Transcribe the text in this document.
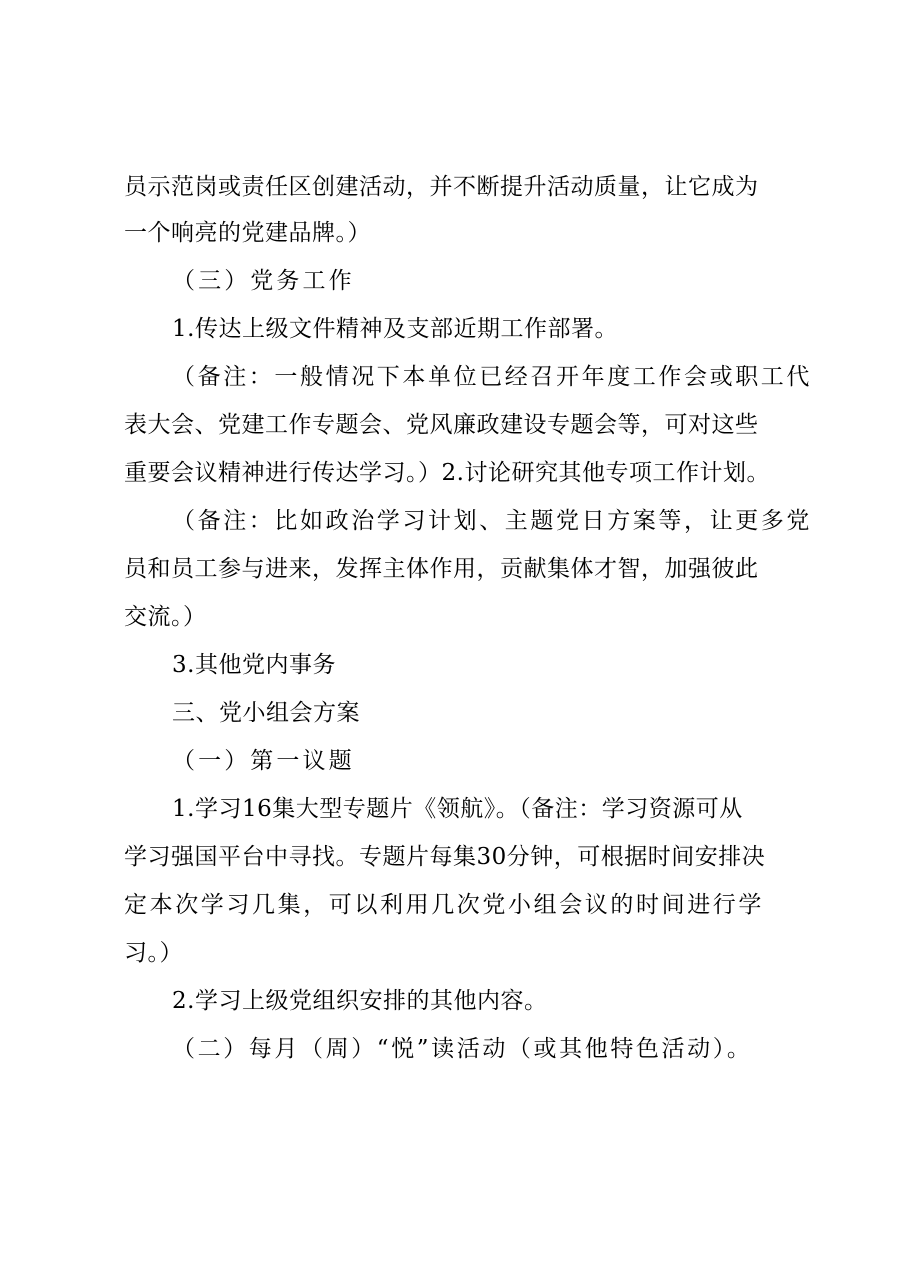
员示范岗或责任区创建活动，并不断提升活动质量，让它成为
一个响亮的党建品牌。）
（三）党务工作
1.传达上级文件精神及支部近期工作部署。
（备注：一般情况下本单位已经召开年度工作会或职工代
表大会、党建工作专题会、党风廉政建设专题会等，可对这些
重要会议精神进行传达学习。）2.讨论研究其他专项工作计划。
（备注：比如政治学习计划、主题党日方案等，让更多党
员和员工参与进来，发挥主体作用，贡献集体才智，加强彼此
交流。）
3.其他党内事务
三、党小组会方案
（一）第一议题
1.学习16集大型专题片《领航》。（备注：学习资源可从
学习强国平台中寻找。专题片每集30分钟，可根据时间安排决
定本次学习几集，可以利用几次党小组会议的时间进行学
习。）
2.学习上级党组织安排的其他内容。
（二）每月（周）“悦”读活动（或其他特色活动）。
